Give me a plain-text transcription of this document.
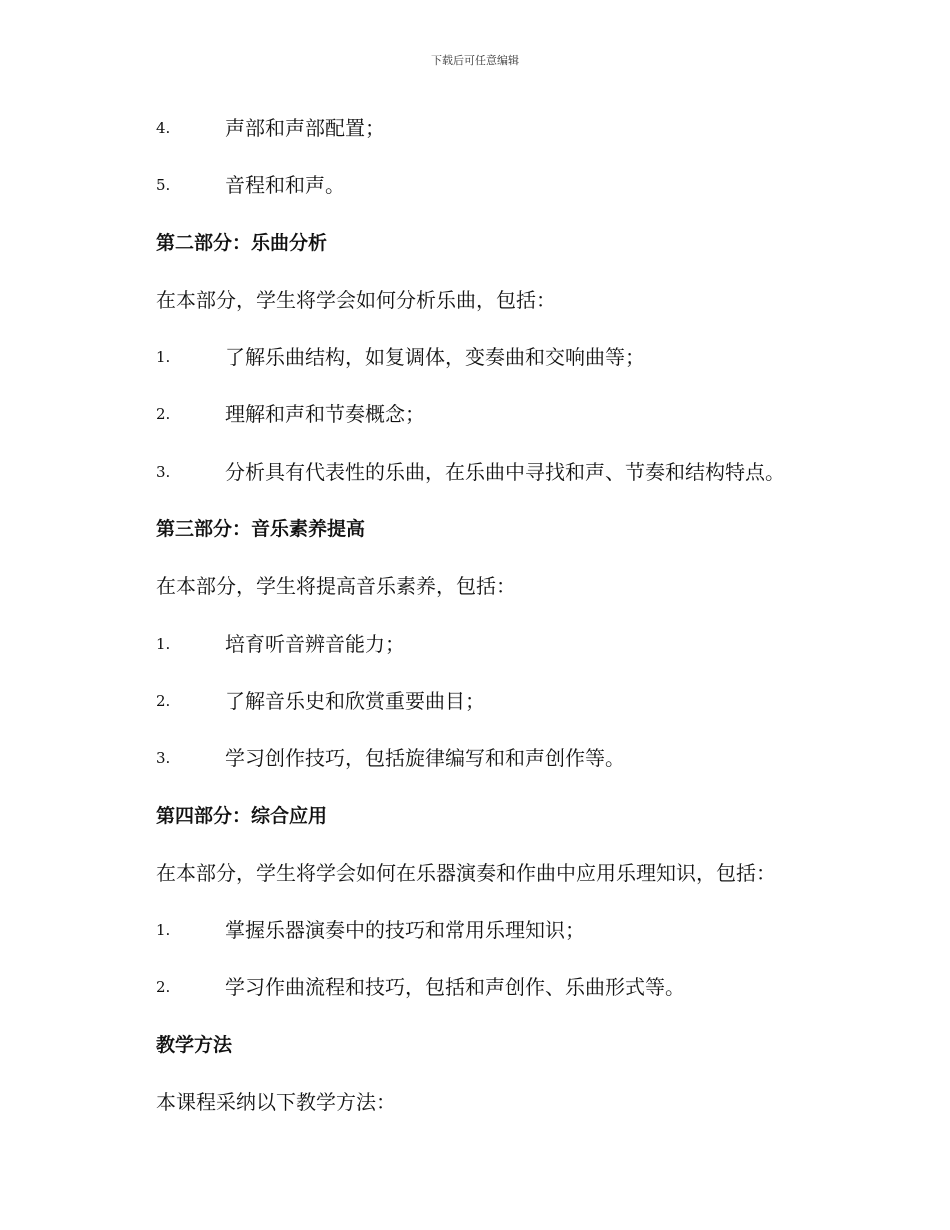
下载后可任意编辑
4.	声部和声部配置；
5.	音程和和声。
第二部分：乐曲分析
在本部分，学生将学会如何分析乐曲，包括：
1.	了解乐曲结构，如复调体，变奏曲和交响曲等；
2.	理解和声和节奏概念；
3.	分析具有代表性的乐曲，在乐曲中寻找和声、节奏和结构特点。
第三部分：音乐素养提高
在本部分，学生将提高音乐素养，包括：
1.	培育听音辨音能力；
2.	了解音乐史和欣赏重要曲目；
3.	学习创作技巧，包括旋律编写和和声创作等。
第四部分：综合应用
在本部分，学生将学会如何在乐器演奏和作曲中应用乐理知识，包括：
1.	掌握乐器演奏中的技巧和常用乐理知识；
2.	学习作曲流程和技巧，包括和声创作、乐曲形式等。
教学方法
本课程采纳以下教学方法：
